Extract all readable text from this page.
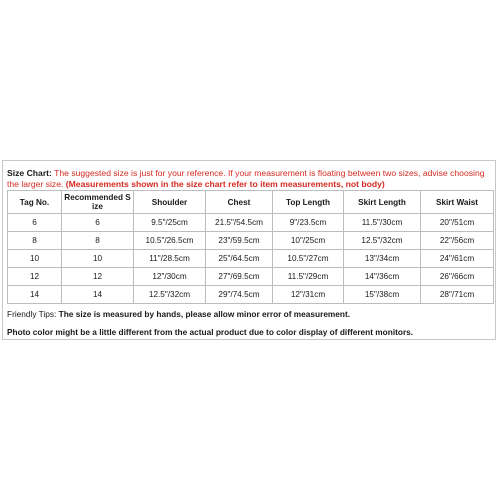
Size Chart: The suggested size is just for your reference. If your measurement is floating between two sizes, advise choosing the larger size. (Measurements shown in the size chart refer to item measurements, not body)
Tag No.	Recommended Size	Shoulder	Chest	Top Length	Skirt Length	Skirt Waist
6	6	9.5"/25cm	21.5"/54.5cm	9"/23.5cm	11.5"/30cm	20"/51cm
8	8	10.5"/26.5cm	23"/59.5cm	10"/25cm	12.5"/32cm	22"/56cm
10	10	11"/28.5cm	25"/64.5cm	10.5"/27cm	13"/34cm	24"/61cm
12	12	12"/30cm	27"/69.5cm	11.5"/29cm	14"/36cm	26"/66cm
14	14	12.5"/32cm	29"/74.5cm	12"/31cm	15"/38cm	28"/71cm
Friendly Tips: The size is measured by hands, please allow minor error of measurement.
Photo color might be a little different from the actual product due to color display of different monitors.
